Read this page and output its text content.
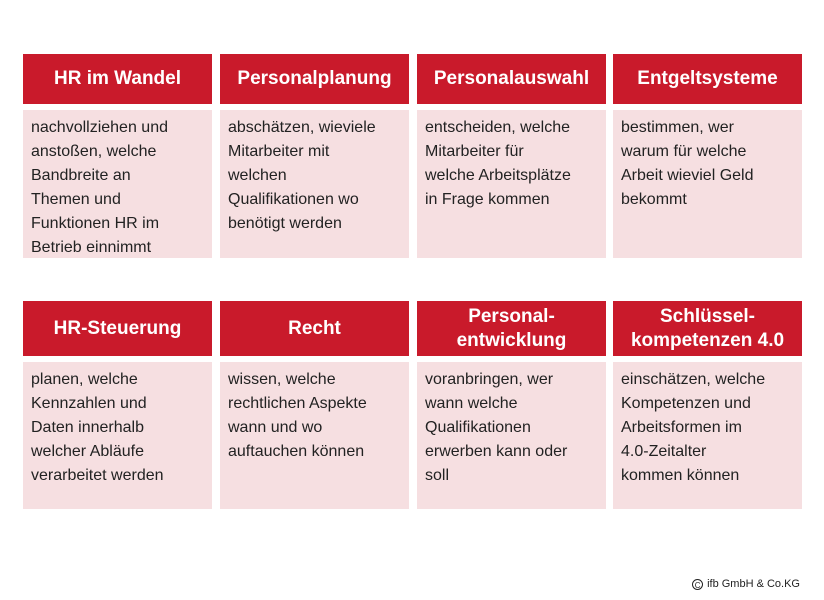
HR im Wandel
nachvollziehen und
anstoßen, welche
Bandbreite an
Themen und
Funktionen HR im
Betrieb einnimmt
Personalplanung
abschätzen, wieviele
Mitarbeiter mit
welchen
Qualifikationen wo
benötigt werden
Personalauswahl
entscheiden, welche
Mitarbeiter für
welche Arbeitsplätze
in Frage kommen
Entgeltsysteme
bestimmen, wer
warum für welche
Arbeit wieviel Geld
bekommt
HR-Steuerung
planen, welche
Kennzahlen und
Daten innerhalb
welcher Abläufe
verarbeitet werden
Recht
wissen, welche
rechtlichen Aspekte
wann und wo
auftauchen können
Personal-
entwicklung
voranbringen, wer
wann welche
Qualifikationen
erwerben kann oder
soll
Schlüssel-
kompetenzen 4.0
einschätzen, welche
Kompetenzen und
Arbeitsformen im
4.0-Zeitalter
kommen können
C ifb GmbH & Co.KG
